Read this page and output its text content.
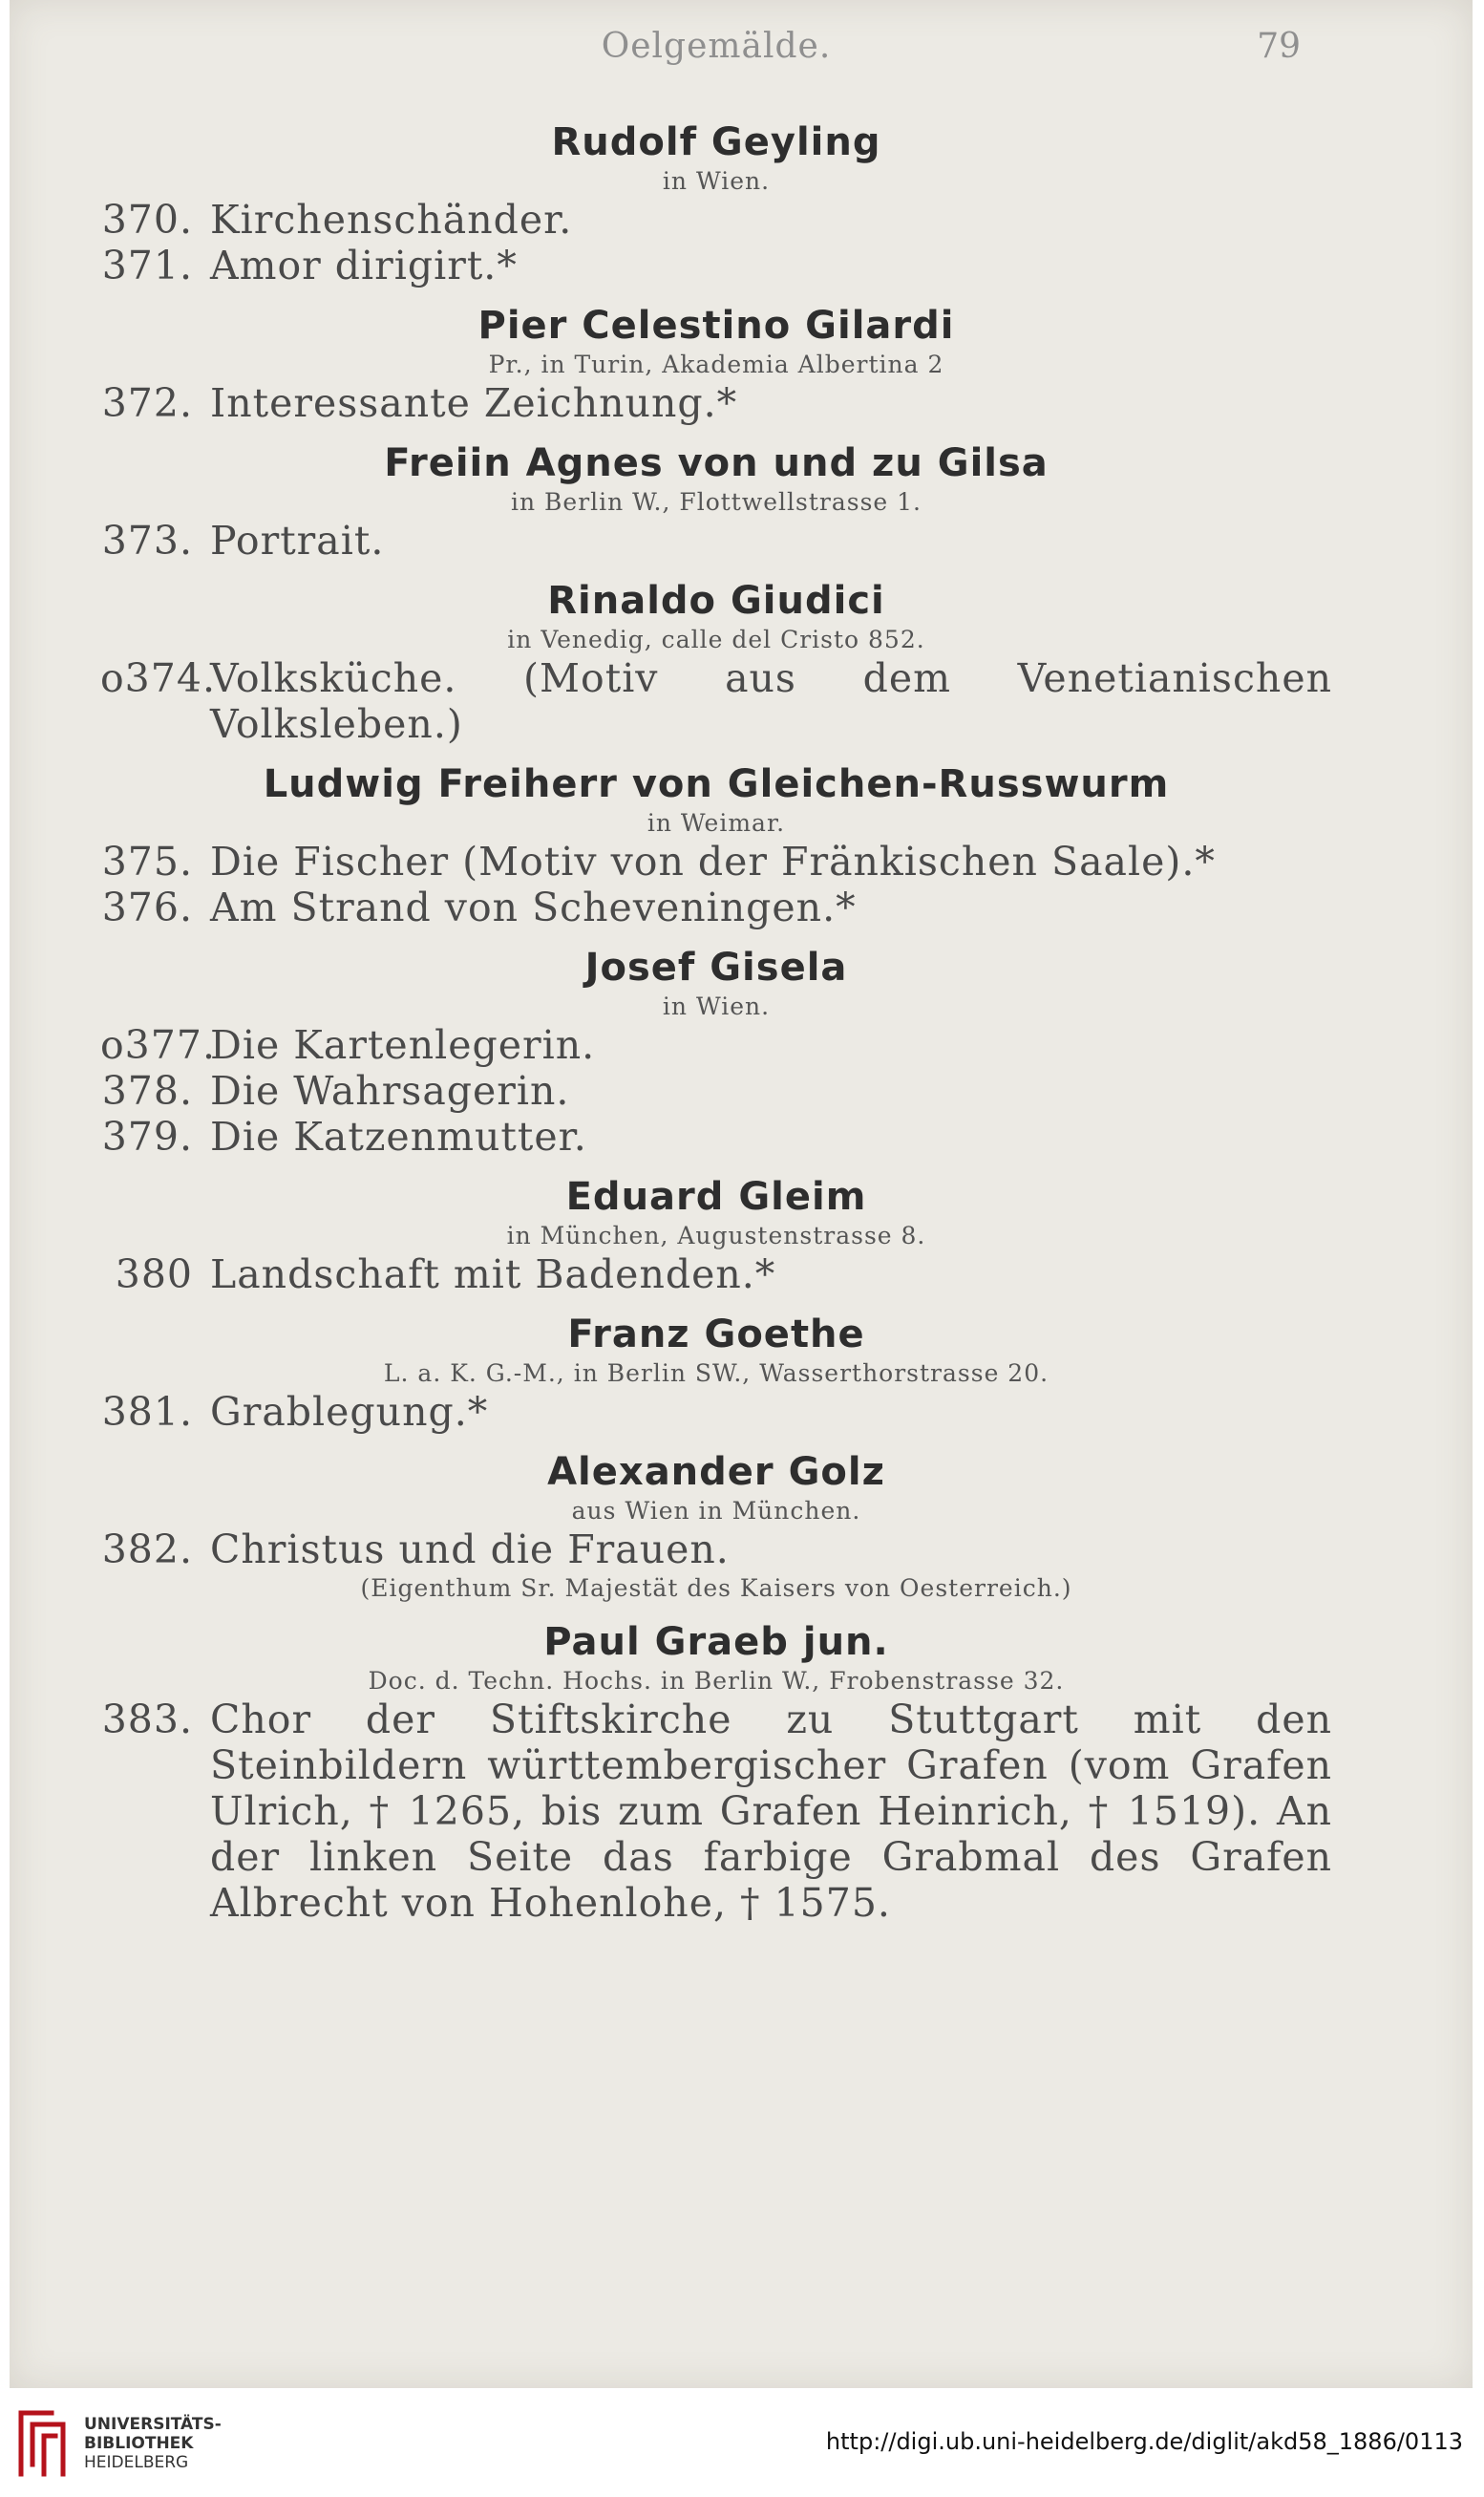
Oelgemälde.	79
Rudolf Geyling
in Wien.
370. Kirchenschänder.
371. Amor dirigirt.*
Pier Celestino Gilardi
Pr., in Turin, Akademia Albertina 2
372. Interessante Zeichnung.*
Freiin Agnes von und zu Gilsa
in Berlin W., Flottwellstrasse 1.
373. Portrait.
Rinaldo Giudici
in Venedig, calle del Cristo 852.
o374.
Volksküche. (Motiv aus dem Venetianischen Volksleben.)
Ludwig Freiherr von Gleichen-Russwurm
in Weimar.
375. Die Fischer (Motiv von der Fränkischen Saale).*
376. Am Strand von Scheveningen.*
Josef Gisela
in Wien.
o377.
Die Kartenlegerin.
378. Die Wahrsagerin.
379. Die Katzenmutter.
Eduard Gleim
in München, Augustenstrasse 8.
380 Landschaft mit Badenden.*
Franz Goethe
L. a. K. G.-M., in Berlin SW., Wasserthorstrasse 20.
381. Grablegung.*
Alexander Golz
aus Wien in München.
382. Christus und die Frauen.
(Eigenthum Sr. Majestät des Kaisers von Oesterreich.)
Paul Graeb jun.
Doc. d. Techn. Hochs. in Berlin W., Frobenstrasse 32.
383. Chor der Stiftskirche zu Stuttgart mit den Steinbildern württembergischer Grafen (vom Grafen Ulrich, † 1265, bis zum Grafen Heinrich, † 1519). An der linken Seite das farbige Grabmal des Grafen Albrecht von Hohenlohe, † 1575.
UNIVERSITÄTS-
BIBLIOTHEK
HEIDELBERG
http://digi.ub.uni-heidelberg.de/diglit/akd58_1886/0113
